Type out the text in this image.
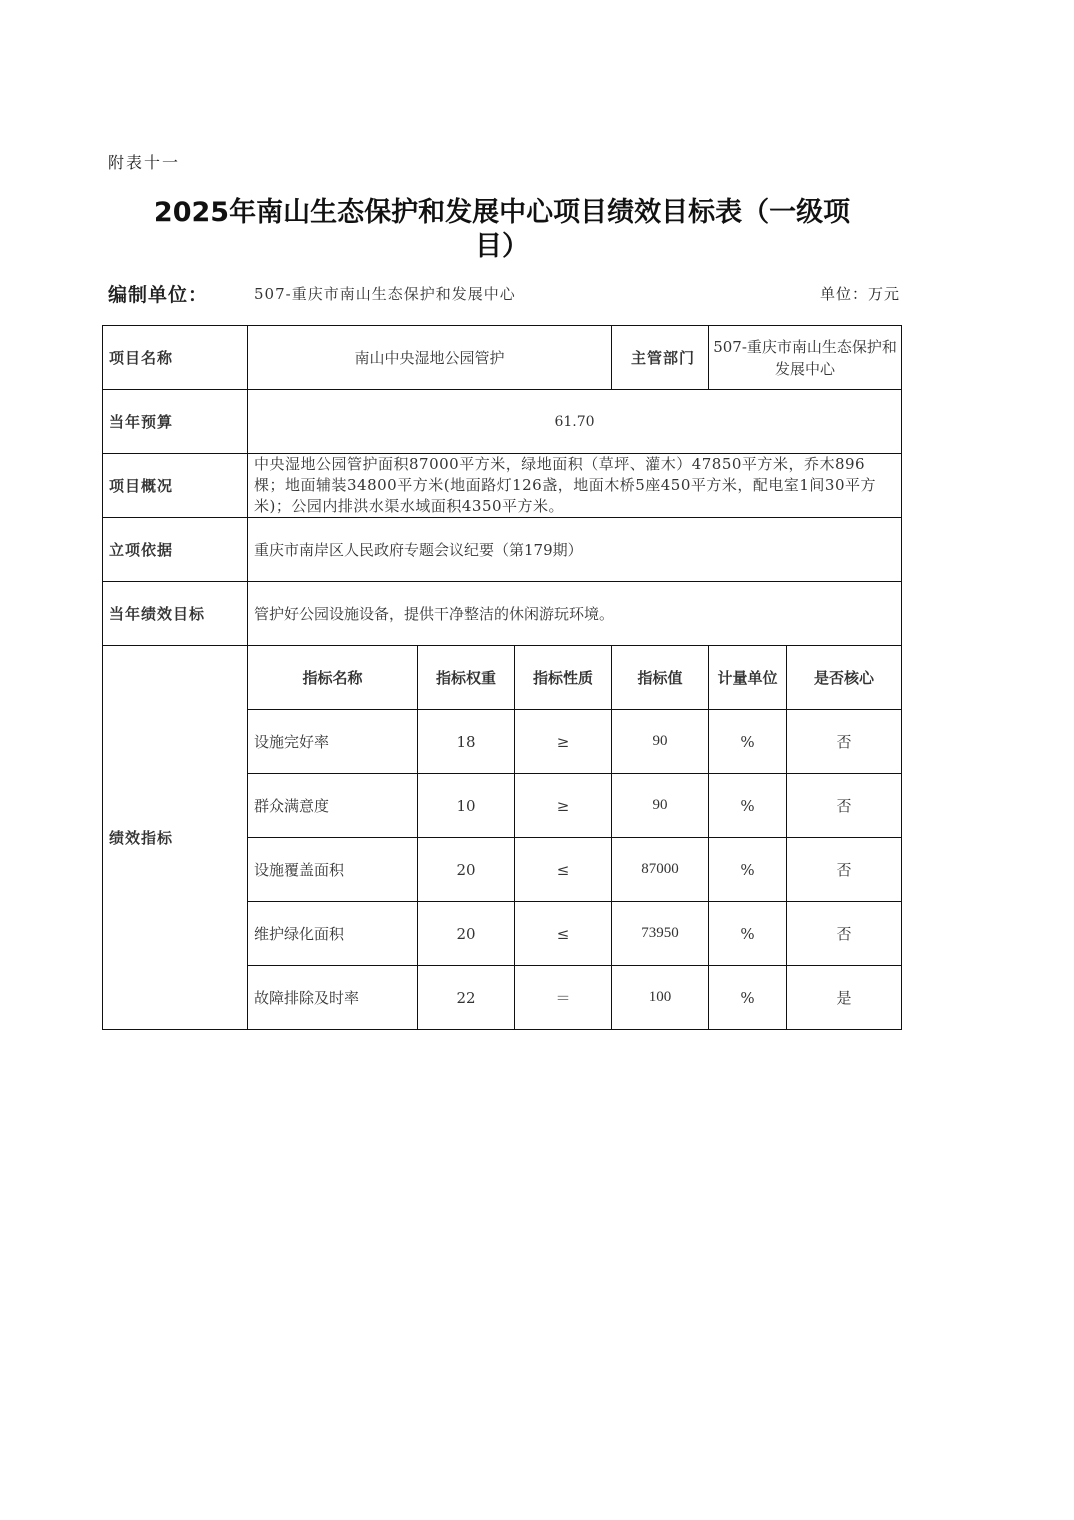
附表十一
2025年南山生态保护和发展中心项目绩效目标表（一级项
目）
编制单位：	507-重庆市南山生态保护和发展中心	单位：万元
项目名称	南山中央湿地公园管护			主管部门	507-重庆市南山生态保护和发展中心	
当年预算	61.70					
项目概况	中央湿地公园管护面积87000平方米，绿地面积（草坪、灌木）47850平方米，乔木896棵；地面辅装34800平方米(地面路灯126盏，地面木桥5座450平方米，配电室1间30平方米)；公园内排洪水渠水域面积4350平方米。					
立项依据	重庆市南岸区人民政府专题会议纪要（第179期）					
当年绩效目标	管护好公园设施设备，提供干净整洁的休闲游玩环境。					
绩效指标	指标名称	指标权重	指标性质	指标值	计量单位	是否核心
	设施完好率	18	≥	90	%	否
	群众满意度	10	≥	90	%	否
	设施覆盖面积	20	≤	87000	%	否
	维护绿化面积	20	≤	73950	%	否
	故障排除及时率	22	＝	100	%	是
